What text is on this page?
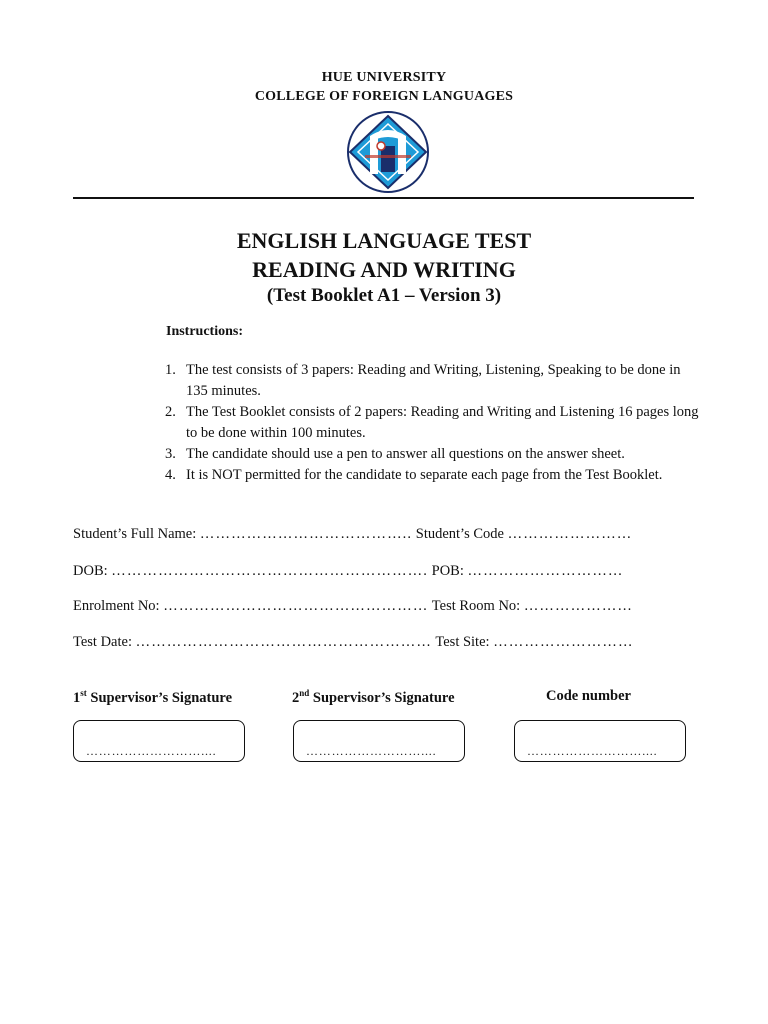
HUE UNIVERSITY
COLLEGE OF FOREIGN LANGUAGES
ENGLISH LANGUAGE TEST
READING AND WRITING
(Test Booklet A1 – Version 3)
Instructions:
1. The test consists of 3 papers: Reading and Writing, Listening, Speaking to be done in 135 minutes.
2. The Test Booklet consists of 2 papers: Reading and Writing and Listening 16 pages long to be done within 100 minutes.
3. The candidate should use a pen to answer all questions on the answer sheet.
4. It is NOT permitted for the candidate to separate each page from the Test Booklet.
Student’s Full Name: ………………………………….. Student’s Code ……………………
DOB: ……………………………………………………. POB: …………………………
Enrolment No: …………………………………………… Test Room No: …………………
Test Date: ………………………………………………… Test Site: ………………………
1st Supervisor’s Signature	2nd Supervisor’s Signature	Code number
………………………....	………………………....	………………………....
